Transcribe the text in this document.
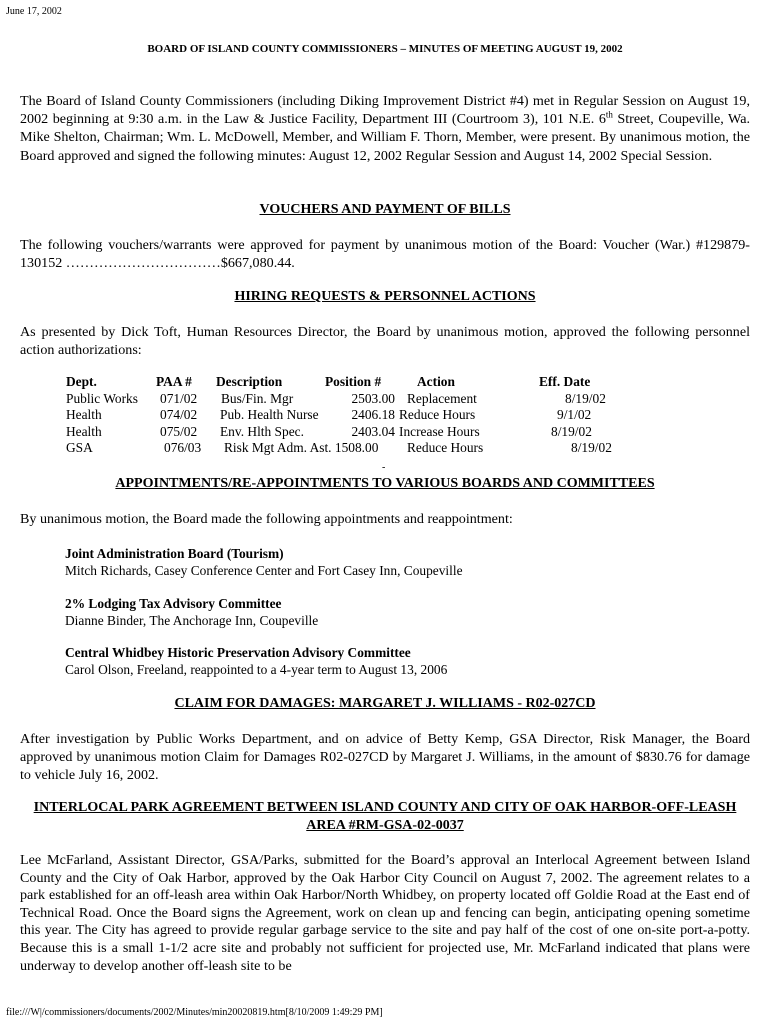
June 17, 2002
BOARD OF ISLAND COUNTY COMMISSIONERS – MINUTES OF MEETING AUGUST 19, 2002

The Board of Island County Commissioners (including Diking Improvement District #4) met in Regular Session on August 19, 2002 beginning at 9:30 a.m. in the Law & Justice Facility, Department III (Courtroom 3), 101 N.E. 6th Street, Coupeville, Wa. Mike Shelton, Chairman; Wm. L. McDowell, Member, and William F. Thorn, Member, were present. By unanimous motion, the Board approved and signed the following minutes: August 12, 2002 Regular Session and August 14, 2002 Special Session.

VOUCHERS AND PAYMENT OF BILLS

The following vouchers/warrants were approved for payment by unanimous motion of the Board: Voucher (War.) #129879-130152 ……………………………$667,080.44.

HIRING REQUESTS & PERSONNEL ACTIONS

As presented by Dick Toft, Human Resources Director, the Board by unanimous motion, approved the following personnel action authorizations:

Dept.	PAA #	Description	Position #	Action	Eff. Date
Public Works	071/02	Bus/Fin. Mgr	2503.00	Replacement	8/19/02
Health	074/02	Pub. Health Nurse	2406.18	Reduce Hours	9/1/02
Health	075/02	Env. Hlth Spec.	2403.04	Increase Hours	8/19/02
GSA	076/03	Risk Mgt Adm. Ast. 1508.00		Reduce Hours	8/19/02
-
APPOINTMENTS/RE-APPOINTMENTS TO VARIOUS BOARDS AND COMMITTEES

By unanimous motion, the Board made the following appointments and reappointment:

Joint Administration Board (Tourism)
Mitch Richards, Casey Conference Center and Fort Casey Inn, Coupeville
2% Lodging Tax Advisory Committee
Dianne Binder, The Anchorage Inn, Coupeville
Central Whidbey Historic Preservation Advisory Committee
Carol Olson, Freeland, reappointed to a 4-year term to August 13, 2006
CLAIM FOR DAMAGES: MARGARET J. WILLIAMS - R02-027CD

After investigation by Public Works Department, and on advice of Betty Kemp, GSA Director, Risk Manager, the Board approved by unanimous motion Claim for Damages R02-027CD by Margaret J. Williams, in the amount of $830.76 for damage to vehicle July 16, 2002.

INTERLOCAL PARK AGREEMENT BETWEEN ISLAND COUNTY AND CITY OF OAK HARBOR-OFF-LEASH AREA #RM-GSA-02-0037

Lee McFarland, Assistant Director, GSA/Parks, submitted for the Board’s approval an Interlocal Agreement between Island County and the City of Oak Harbor, approved by the Oak Harbor City Council on August 7, 2002. The agreement relates to a park established for an off-leash area within Oak Harbor/North Whidbey, on property located off Goldie Road at the East end of Technical Road. Once the Board signs the Agreement, work on clean up and fencing can begin, anticipating opening sometime this year. The City has agreed to provide regular garbage service to the site and pay half of the cost of one on-site port-a-potty. Because this is a small 1-1/2 acre site and probably not sufficient for projected use, Mr. McFarland indicated that plans were underway to develop another off-leash site to be

file:///W|/commissioners/documents/2002/Minutes/min20020819.htm[8/10/2009 1:49:29 PM]
